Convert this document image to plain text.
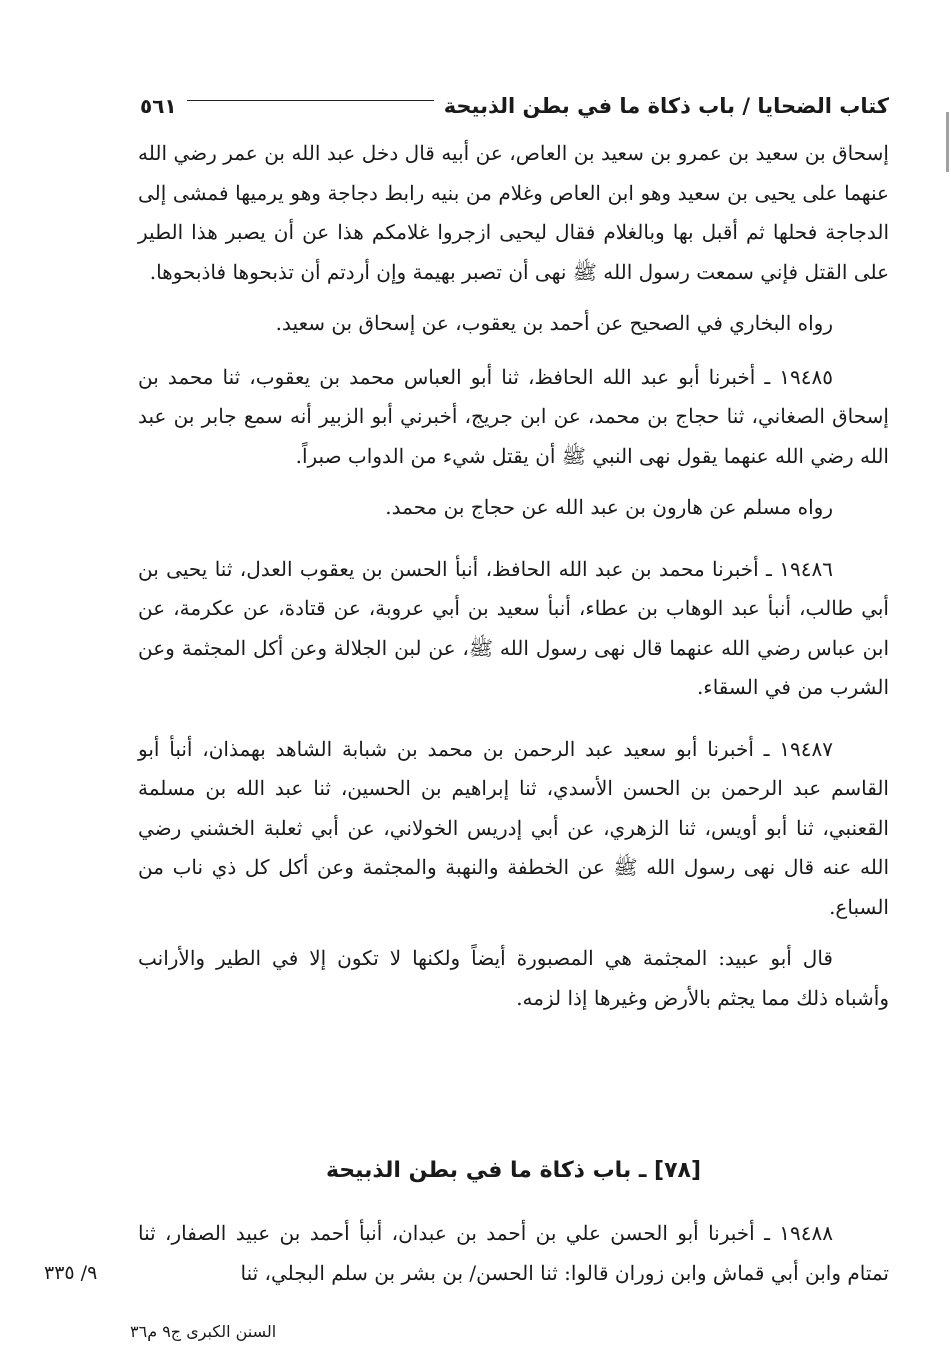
كتاب الضحايا / باب ذكاة ما في بطن الذبيحة
٥٦١

إسحاق بن سعيد بن عمرو بن سعيد بن العاص، عن أبيه قال دخل عبد الله بن عمر رضي الله عنهما على يحيى بن سعيد وهو ابن العاص وغلام من بنيه رابط دجاجة وهو يرميها فمشى إلى الدجاجة فحلها ثم أقبل بها وبالغلام فقال ليحيى ازجروا غلامكم هذا عن أن يصبر هذا الطير على القتل فإني سمعت رسول الله ﷺ نهى أن تصبر بهيمة وإن أردتم أن تذبحوها فاذبحوها.

رواه البخاري في الصحيح عن أحمد بن يعقوب، عن إسحاق بن سعيد.

١٩٤٨٥ ـ أخبرنا أبو عبد الله الحافظ، ثنا أبو العباس محمد بن يعقوب، ثنا محمد بن إسحاق الصغاني، ثنا حجاج بن محمد، عن ابن جريج، أخبرني أبو الزبير أنه سمع جابر بن عبد الله رضي الله عنهما يقول نهى النبي ﷺ أن يقتل شيء من الدواب صبراً.

رواه مسلم عن هارون بن عبد الله عن حجاج بن محمد.

١٩٤٨٦ ـ أخبرنا محمد بن عبد الله الحافظ، أنبأ الحسن بن يعقوب العدل، ثنا يحيى بن أبي طالب، أنبأ عبد الوهاب بن عطاء، أنبأ سعيد بن أبي عروبة، عن قتادة، عن عكرمة، عن ابن عباس رضي الله عنهما قال نهى رسول الله ﷺ، عن لبن الجلالة وعن أكل المجثمة وعن الشرب من في السقاء.

١٩٤٨٧ ـ أخبرنا أبو سعيد عبد الرحمن بن محمد بن شبابة الشاهد بهمذان، أنبأ أبو القاسم عبد الرحمن بن الحسن الأسدي، ثنا إبراهيم بن الحسين، ثنا عبد الله بن مسلمة القعنبي، ثنا أبو أويس، ثنا الزهري، عن أبي إدريس الخولاني، عن أبي ثعلبة الخشني رضي الله عنه قال نهى رسول الله ﷺ عن الخطفة والنهبة والمجثمة وعن أكل كل ذي ناب من السباع.

قال أبو عبيد: المجثمة هي المصبورة أيضاً ولكنها لا تكون إلا في الطير والأرانب وأشباه ذلك مما يجثم بالأرض وغيرها إذا لزمه.

[٧٨] ـ باب ذكاة ما في بطن الذبيحة

١٩٤٨٨ ـ أخبرنا أبو الحسن علي بن أحمد بن عبدان، أنبأ أحمد بن عبيد الصفار، ثنا تمتام وابن أبي قماش وابن زوران قالوا: ثنا الحسن/ بن بشر بن سلم البجلي، ثنا

٩/ ٣٣٥
السنن الكبرى ج٩ م٣٦
